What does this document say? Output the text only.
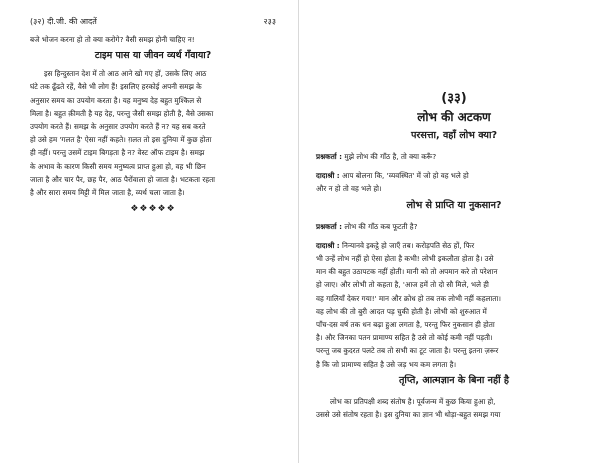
(३२) दी.जी. की आदतें	२३३

बजे भोजन करना हो तो क्या करोगे? वैसी समझ होनी चाहिए न!

टाइम पास या जीवन व्यर्थ गँवाया?

इस हिन्दुस्तान देश में तो आठ आने खो गए हों, उसके लिए आठ

घंटे तक ढूँढते रहें, वैसे भी लोग हैं! इसलिए हरकोई अपनी समझ के

अनुसार समय का उपयोग करता है। यह मनुष्य देह बहुत मुश्किल से

मिला है। बहुत क़ीमती है यह देह, परन्तु जैसी समझ होती है, वैसे उसका

उपयोग करते हैं। समझ के अनुसार उपयोग करते हैं न? यह सब करते

हो उसे हम 'गलत है' ऐसा नहीं कहते। ग़लत तो इस दुनिया में कुछ होता

ही नहीं। परन्तु उसमें टाइम बिगड़ता है न? वेस्ट ऑफ टाइम है। समझ

के अभाव के कारण किसी समय मनुष्यत्व प्राप्त हुआ हो, वह भी छिन

जाता है और चार पैर, छह पैर, आठ पैरोंवाला हो जाता है। भटकता रहता

है और सारा समय मिट्टी में मिल जाता है, व्यर्थ चला जाता है।

❖❖❖❖❖
(३३)
लोभ की अटकण
परसत्ता, वहाँ लोभ क्या?

प्रश्नकर्ता : मुझे लोभ की गाँठ है, तो क्या करूँ?

दादाश्री : आप बोलना कि, 'व्यवस्थित' में जो हो वह भले हो

और न हो तो वह भले हो।

लोभ से प्राप्ति या नुकसान?

प्रश्नकर्ता : लोभ की गाँठ कब फूटती है?

दादाश्री : निन्यानवे इकट्ठे हो जाएँ तब। करोड़पति सेठ हों, फिर

भी उन्हें लोभ नहीं हो ऐसा होता है कभी! लोभी इकलौता होता है। उसे

मान की बहुत उठापटक नहीं होती। मानी को तो अपमान करे तो परेशान

हो जाए। और लोभी तो कहता है, 'आज हमें तो दो सौ मिले, भले ही

वह गालियाँ देकर गया!' मान और क्रोध हो तब तक लोभी नहीं कहलाता।

वह लोभ की तो बुरी आदत पड़ चुकी होती है। लोभी को शुरुआत में

पाँच-दस वर्ष तक धन बढ़ा हुआ लगता है, परन्तु फिर नुकसान ही होता

है। और जिनका पतन प्रामाण्य सहित है उसे तो कोई कमी नहीं पड़ती।

परन्तु जब कुदरत पलटे तब तो सभी का टूट जाता है। परन्तु इतना ज़रूर

है कि जो प्रामाण्य सहित है उसे जड़ भय कम लगता है।

तृप्ति, आत्मज्ञान के बिना नहीं है

लोभ का प्रतिपक्षी शब्द संतोष है। पूर्वजन्म में कुछ किया हुआ हो,

उससे उसे संतोष रहता है। इस दुनिया का ज्ञान भी थोड़ा-बहुत समझ गया
